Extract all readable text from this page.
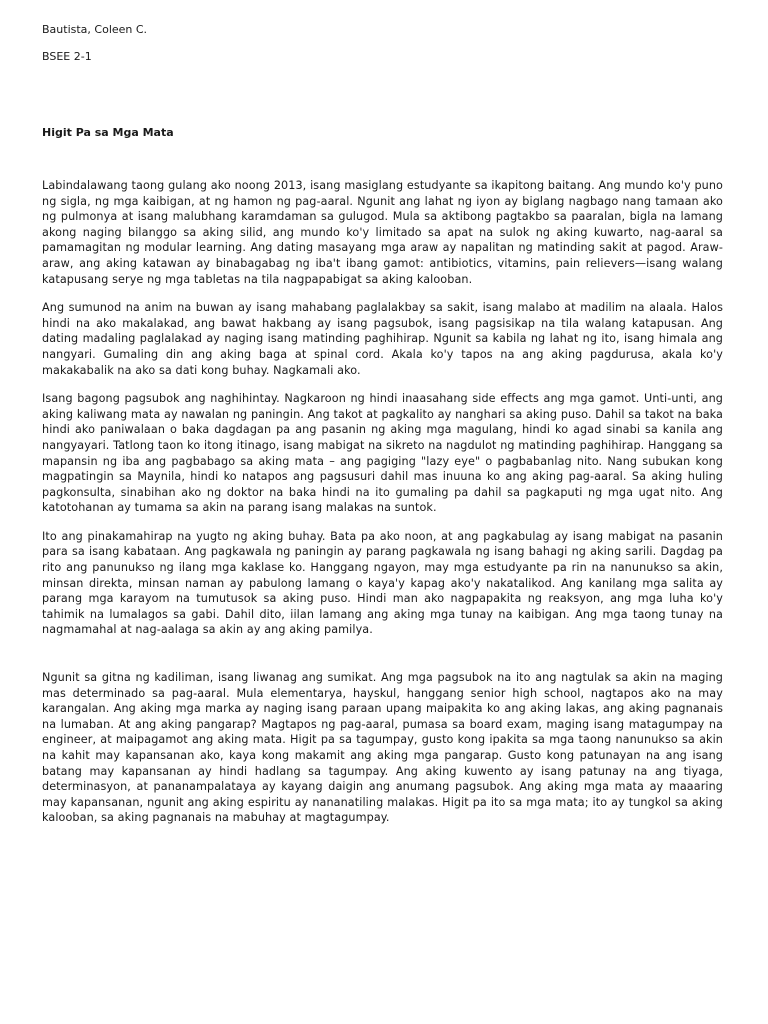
Bautista, Coleen C.
BSEE 2-1
Higit Pa sa Mga Mata

Labindalawang taong gulang ako noong 2013, isang masiglang estudyante sa ikapitong baitang. Ang mundo ko'y puno ng sigla, ng mga kaibigan, at ng hamon ng pag-aaral. Ngunit ang lahat ng iyon ay biglang nagbago nang tamaan ako ng pulmonya at isang malubhang karamdaman sa gulugod. Mula sa aktibong pagtakbo sa paaralan, bigla na lamang akong naging bilanggo sa aking silid, ang mundo ko'y limitado sa apat na sulok ng aking kuwarto, nag-aaral sa pamamagitan ng modular learning. Ang dating masayang mga araw ay napalitan ng matinding sakit at pagod. Araw-araw, ang aking katawan ay binabagabag ng iba't ibang gamot: antibiotics, vitamins, pain relievers—isang walang katapusang serye ng mga tabletas na tila nagpapabigat sa aking kalooban.

Ang sumunod na anim na buwan ay isang mahabang paglalakbay sa sakit, isang malabo at madilim na alaala. Halos hindi na ako makalakad, ang bawat hakbang ay isang pagsubok, isang pagsisikap na tila walang katapusan. Ang dating madaling paglalakad ay naging isang matinding paghihirap. Ngunit sa kabila ng lahat ng ito, isang himala ang nangyari. Gumaling din ang aking baga at spinal cord. Akala ko'y tapos na ang aking pagdurusa, akala ko'y makakabalik na ako sa dati kong buhay. Nagkamali ako.

Isang bagong pagsubok ang naghihintay. Nagkaroon ng hindi inaasahang side effects ang mga gamot. Unti-unti, ang aking kaliwang mata ay nawalan ng paningin. Ang takot at pagkalito ay nanghari sa aking puso. Dahil sa takot na baka hindi ako paniwalaan o baka dagdagan pa ang pasanin ng aking mga magulang, hindi ko agad sinabi sa kanila ang nangyayari. Tatlong taon ko itong itinago, isang mabigat na sikreto na nagdulot ng matinding paghihirap. Hanggang sa mapansin ng iba ang pagbabago sa aking mata – ang pagiging "lazy eye" o pagbabanlag nito. Nang subukan kong magpatingin sa Maynila, hindi ko natapos ang pagsusuri dahil mas inuuna ko ang aking pag-aaral. Sa aking huling pagkonsulta, sinabihan ako ng doktor na baka hindi na ito gumaling pa dahil sa pagkaputi ng mga ugat nito. Ang katotohanan ay tumama sa akin na parang isang malakas na suntok.

Ito ang pinakamahirap na yugto ng aking buhay. Bata pa ako noon, at ang pagkabulag ay isang mabigat na pasanin para sa isang kabataan. Ang pagkawala ng paningin ay parang pagkawala ng isang bahagi ng aking sarili. Dagdag pa rito ang panunukso ng ilang mga kaklase ko. Hanggang ngayon, may mga estudyante pa rin na nanunukso sa akin, minsan direkta, minsan naman ay pabulong lamang o kaya'y kapag ako'y nakatalikod. Ang kanilang mga salita ay parang mga karayom na tumutusok sa aking puso. Hindi man ako nagpapakita ng reaksyon, ang mga luha ko'y tahimik na lumalagos sa gabi. Dahil dito, iilan lamang ang aking mga tunay na kaibigan. Ang mga taong tunay na nagmamahal at nag-aalaga sa akin ay ang aking pamilya.

Ngunit sa gitna ng kadiliman, isang liwanag ang sumikat. Ang mga pagsubok na ito ang nagtulak sa akin na maging mas determinado sa pag-aaral. Mula elementarya, hayskul, hanggang senior high school, nagtapos ako na may karangalan. Ang aking mga marka ay naging isang paraan upang maipakita ko ang aking lakas, ang aking pagnanais na lumaban. At ang aking pangarap? Magtapos ng pag-aaral, pumasa sa board exam, maging isang matagumpay na engineer, at maipagamot ang aking mata. Higit pa sa tagumpay, gusto kong ipakita sa mga taong nanunukso sa akin na kahit may kapansanan ako, kaya kong makamit ang aking mga pangarap. Gusto kong patunayan na ang isang batang may kapansanan ay hindi hadlang sa tagumpay. Ang aking kuwento ay isang patunay na ang tiyaga, determinasyon, at pananampalataya ay kayang daigin ang anumang pagsubok. Ang aking mga mata ay maaaring may kapansanan, ngunit ang aking espiritu ay nananatiling malakas. Higit pa ito sa mga mata; ito ay tungkol sa aking kalooban, sa aking pagnanais na mabuhay at magtagumpay.
